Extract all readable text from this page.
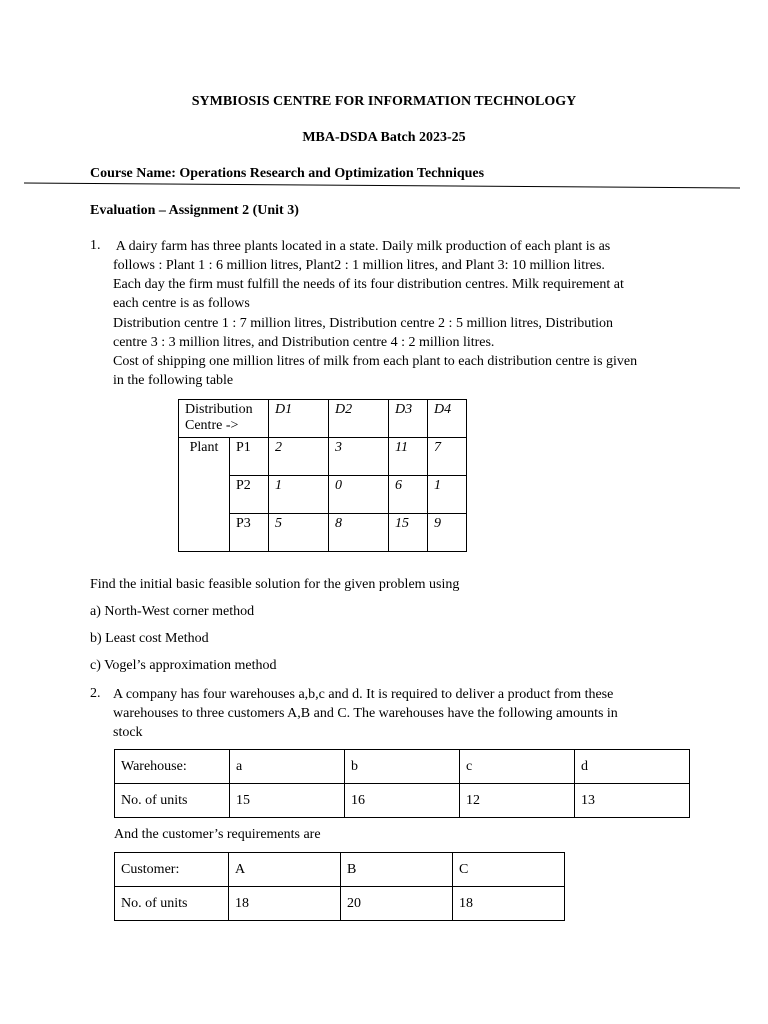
SYMBIOSIS CENTRE FOR INFORMATION TECHNOLOGY
MBA-DSDA Batch 2023-25
Course Name: Operations Research and Optimization Techniques
Evaluation – Assignment 2 (Unit 3)
1. A dairy farm has three plants located in a state. Daily milk production of each plant is as
follows : Plant 1 : 6 million litres, Plant2 : 1 million litres, and Plant 3: 10 million litres.
Each day the firm must fulfill the needs of its four distribution centres. Milk requirement at
each centre is as follows
Distribution centre 1 : 7 million litres, Distribution centre 2 : 5 million litres, Distribution
centre 3 : 3 million litres, and Distribution centre 4 : 2 million litres.
Cost of shipping one million litres of milk from each plant to each distribution centre is given
in the following table
Distribution
Centre ->		D1	D2	D3	D4
Plant	P1	2	3	11	7
	P2	1	0	6	1
	P3	5	8	15	9
Find the initial basic feasible solution for the given problem using
a) North-West corner method
b) Least cost Method
c) Vogel’s approximation method
2. A company has four warehouses a,b,c and d. It is required to deliver a product from these
warehouses to three customers A,B and C. The warehouses have the following amounts in
stock
Warehouse:	a	b	c	d
No. of units	15	16	12	13
And the customer’s requirements are
Customer:	A	B	C
No. of units	18	20	18
